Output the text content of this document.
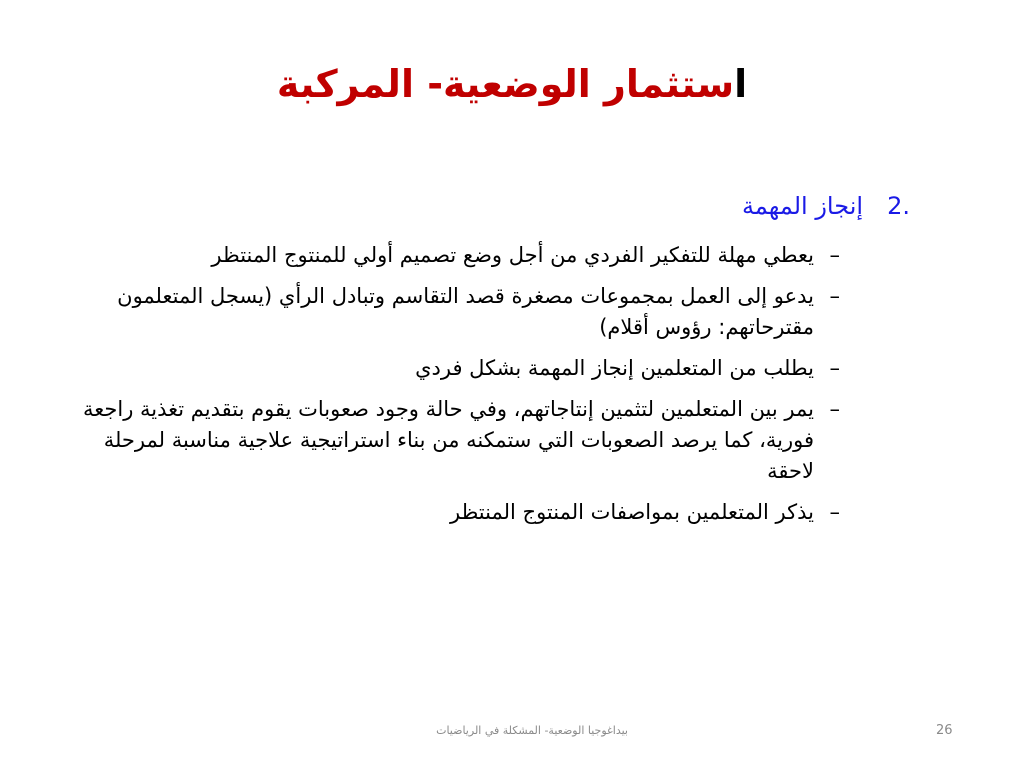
استثمار الوضعية- المركبة
.2إنجاز المهمة
–
يعطي مهلة للتفكير الفردي من أجل وضع تصميم أولي للمنتوج المنتظر
–
يدعو إلى العمل بمجموعات مصغرة قصد التقاسم وتبادل الرأي (يسجل المتعلمون مقترحاتهم: رؤوس أقلام)
–
يطلب من المتعلمين إنجاز المهمة بشكل فردي
–
يمر بين المتعلمين لتثمين إنتاجاتهم، وفي حالة وجود صعوبات يقوم بتقديم تغذية راجعة فورية، كما يرصد الصعوبات التي ستمكنه من بناء استراتيجية علاجية مناسبة لمرحلة لاحقة
–
يذكر المتعلمين بمواصفات المنتوج المنتظر
بيداغوجيا الوضعية- المشكلة في الرياضيات	26
